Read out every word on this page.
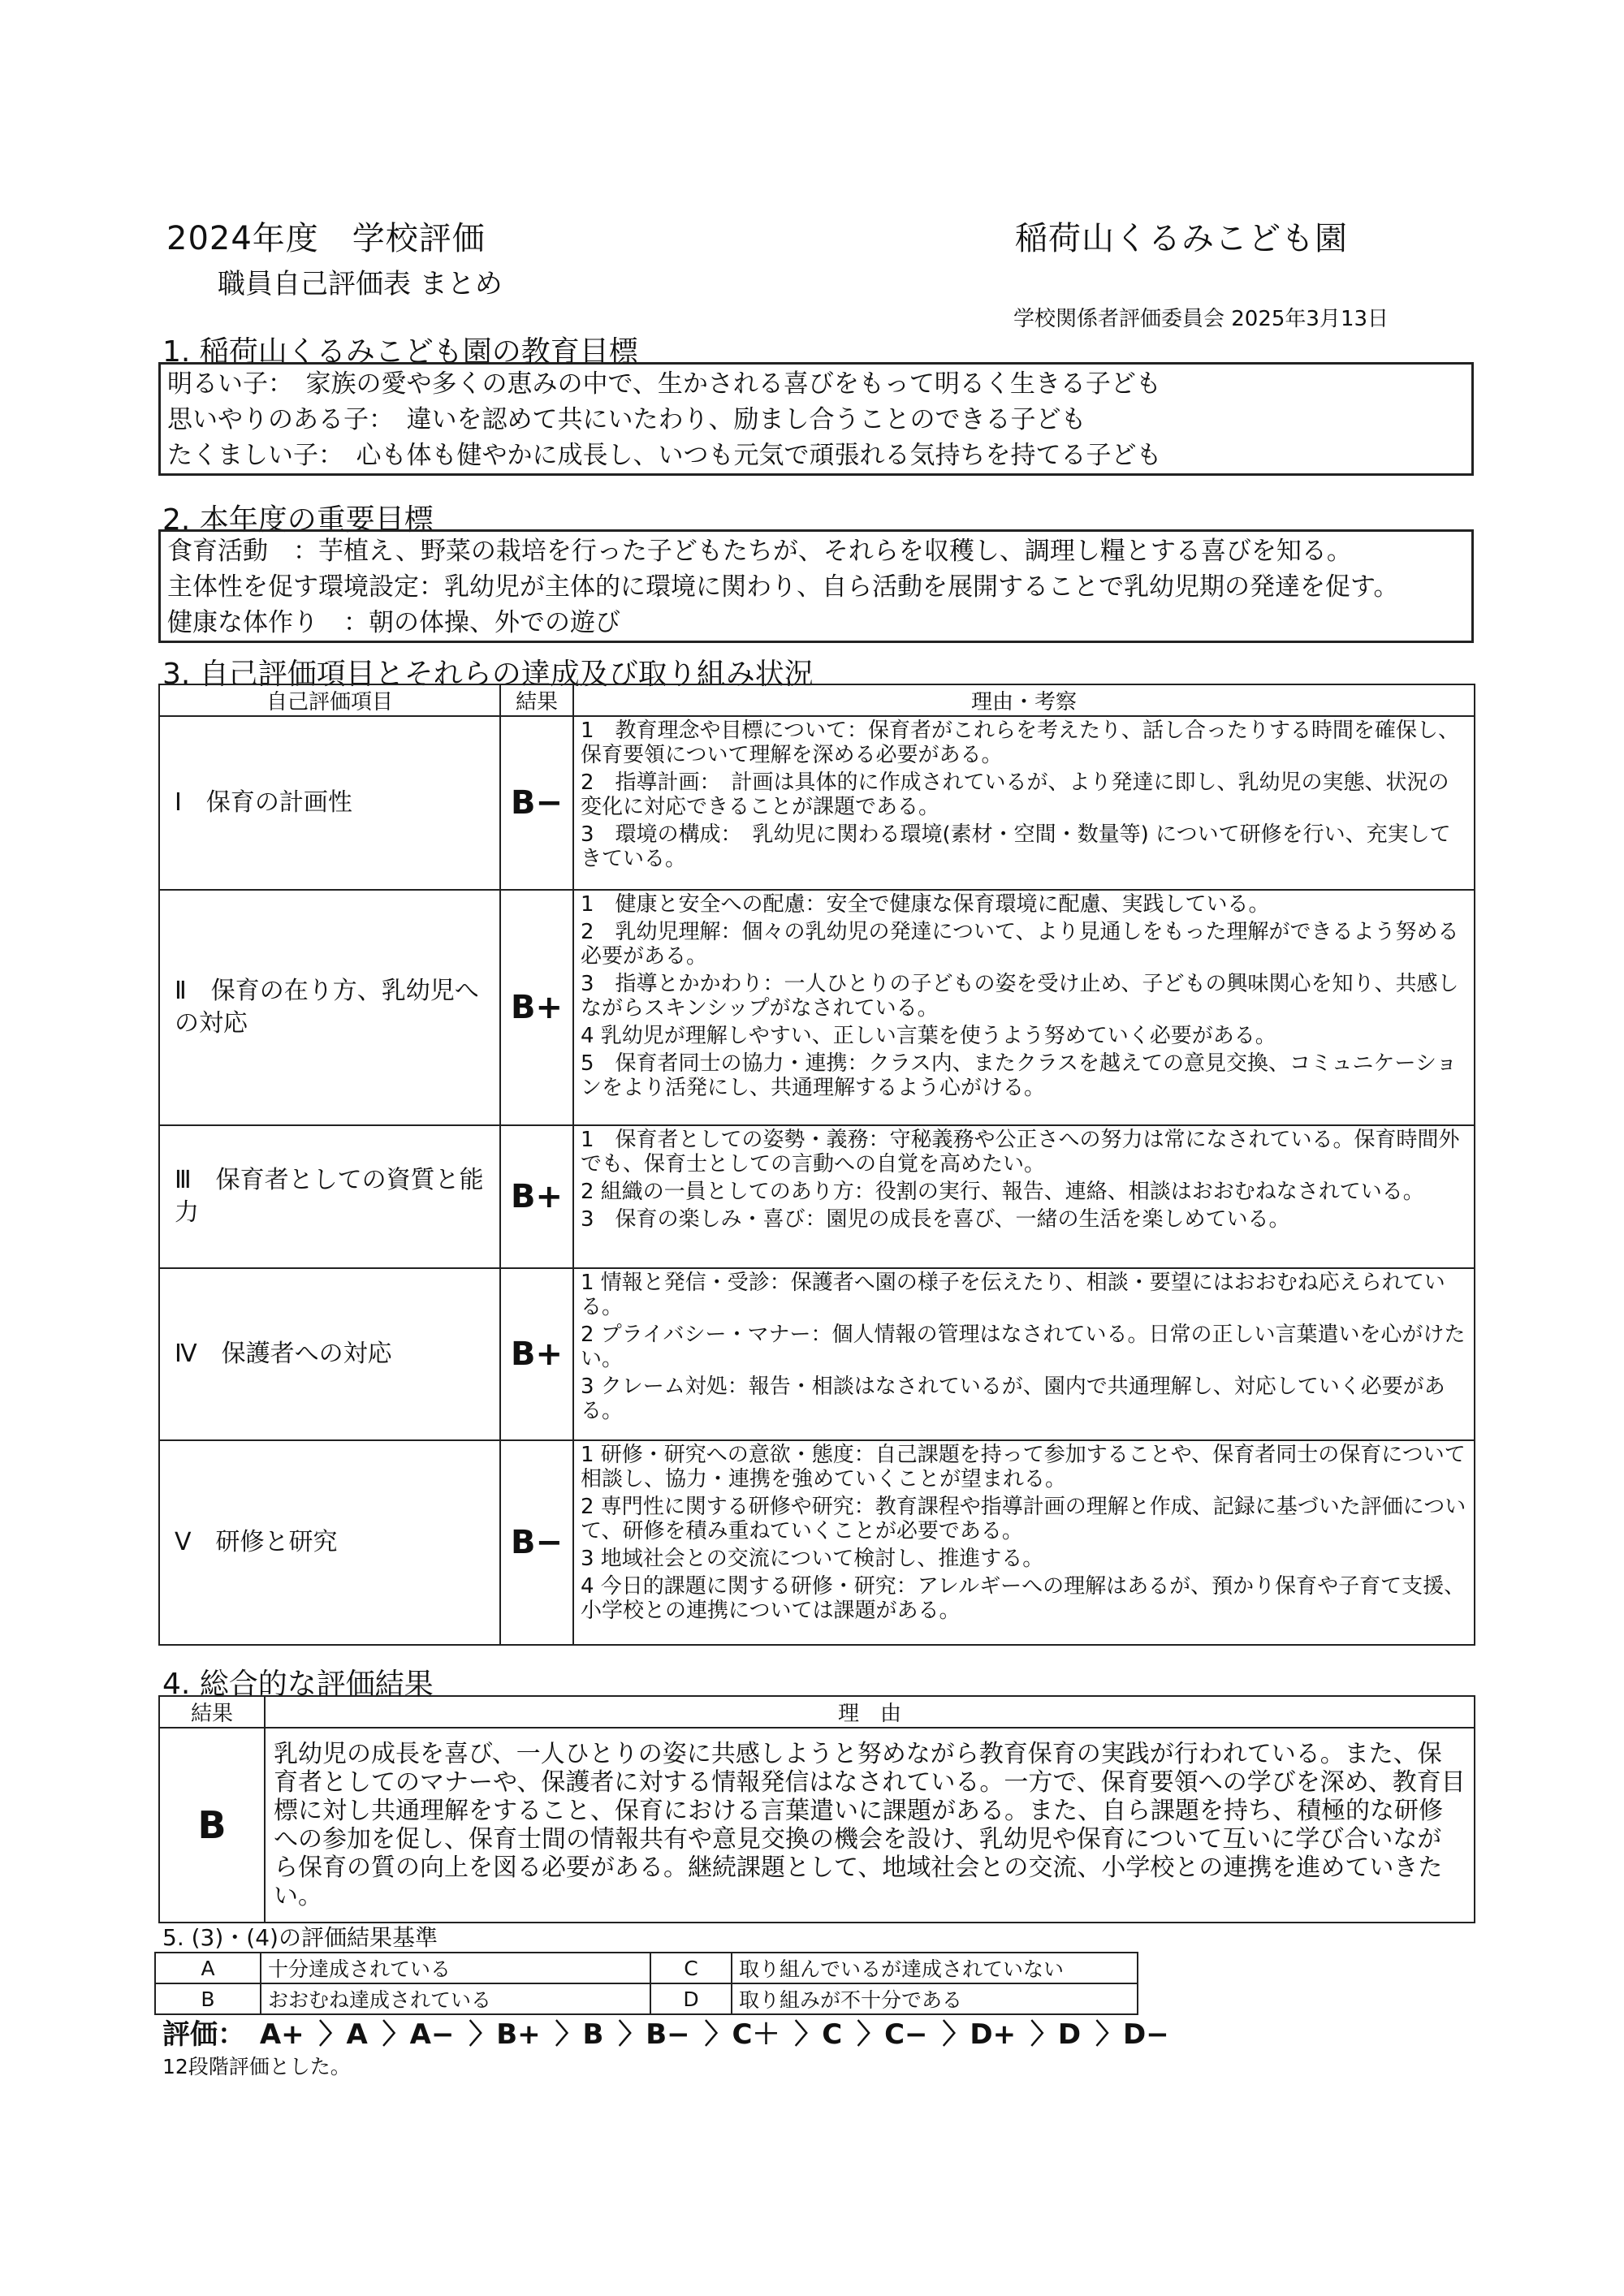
2024年度　学校評価
職員自己評価表 まとめ
稲荷山くるみこども園
学校関係者評価委員会 2025年3月13日
1. 稲荷山くるみこども園の教育目標
明るい子：　家族の愛や多くの恵みの中で、生かされる喜びをもって明るく生きる子ども
思いやりのある子：　違いを認めて共にいたわり、励まし合うことのできる子ども
たくましい子：　心も体も健やかに成長し、いつも元気で頑張れる気持ちを持てる子ども
2. 本年度の重要目標
食育活動　：芋植え、野菜の栽培を行った子どもたちが、それらを収穫し、調理し糧とする喜びを知る。
主体性を促す環境設定：乳幼児が主体的に環境に関わり、自ら活動を展開することで乳幼児期の発達を促す。
健康な体作り　：朝の体操、外での遊び
3. 自己評価項目とそれらの達成及び取り組み状況
自己評価項目	結果	理由・考察
Ⅰ　保育の計画性	B−	1　教育理念や目標について：保育者がこれらを考えたり、話し合ったりする時間を確保し、保育要領について理解を深める必要がある。
2　指導計画：　計画は具体的に作成されているが、より発達に即し、乳幼児の実態、状況の変化に対応できることが課題である。
3　環境の構成：　乳幼児に関わる環境(素材・空間・数量等) について研修を行い、充実してきている。

Ⅱ　保育の在り方、乳幼児への対応	B+	1　健康と安全への配慮：安全で健康な保育環境に配慮、実践している。
2　乳幼児理解：個々の乳幼児の発達について、より見通しをもった理解ができるよう努める必要がある。
3　指導とかかわり：一人ひとりの子どもの姿を受け止め、子どもの興味関心を知り、共感しながらスキンシップがなされている。
4 乳幼児が理解しやすい、正しい言葉を使うよう努めていく必要がある。
5　保育者同士の協力・連携：クラス内、またクラスを越えての意見交換、コミュニケーションをより活発にし、共通理解するよう心がける。

Ⅲ　保育者としての資質と能力	B+	1　保育者としての姿勢・義務：守秘義務や公正さへの努力は常になされている。保育時間外でも、保育士としての言動への自覚を高めたい。
2 組織の一員としてのあり方：役割の実行、報告、連絡、相談はおおむねなされている。
3　保育の楽しみ・喜び：園児の成長を喜び、一緒の生活を楽しめている。

Ⅳ　保護者への対応	B+	1 情報と発信・受診：保護者へ園の様子を伝えたり、相談・要望にはおおむね応えられている。
2 プライバシー・マナー：個人情報の管理はなされている。日常の正しい言葉遣いを心がけたい。
3 クレーム対処：報告・相談はなされているが、園内で共通理解し、対応していく必要がある。

Ⅴ　研修と研究	B−	1 研修・研究への意欲・態度：自己課題を持って参加することや、保育者同士の保育について相談し、協力・連携を強めていくことが望まれる。
2 専門性に関する研修や研究：教育課程や指導計画の理解と作成、記録に基づいた評価について、研修を積み重ねていくことが必要である。
3 地域社会との交流について検討し、推進する。
4 今日的課題に関する研修・研究：アレルギーへの理解はあるが、預かり保育や子育て支援、小学校との連携については課題がある。
4. 総合的な評価結果
結果	理　由
B	乳幼児の成長を喜び、一人ひとりの姿に共感しようと努めながら教育保育の実践が行われている。また、保育者としてのマナーや、保護者に対する情報発信はなされている。一方で、保育要領への学びを深め、教育目標に対し共通理解をすること、保育における言葉遣いに課題がある。また、自ら課題を持ち、積極的な研修への参加を促し、保育士間の情報共有や意見交換の機会を設け、乳幼児や保育について互いに学び合いながら保育の質の向上を図る必要がある。継続課題として、地域社会との交流、小学校との連携を進めていきたい。
5. (3)・(4)の評価結果基準
A	十分達成されている	C	取り組んでいるが達成されていない
B	おおむね達成されている	D	取り組みが不十分である
評価： A+ 〉A 〉A− 〉B+ 〉B 〉B− 〉C＋ 〉C 〉C− 〉D+ 〉D 〉D−
12段階評価とした。
